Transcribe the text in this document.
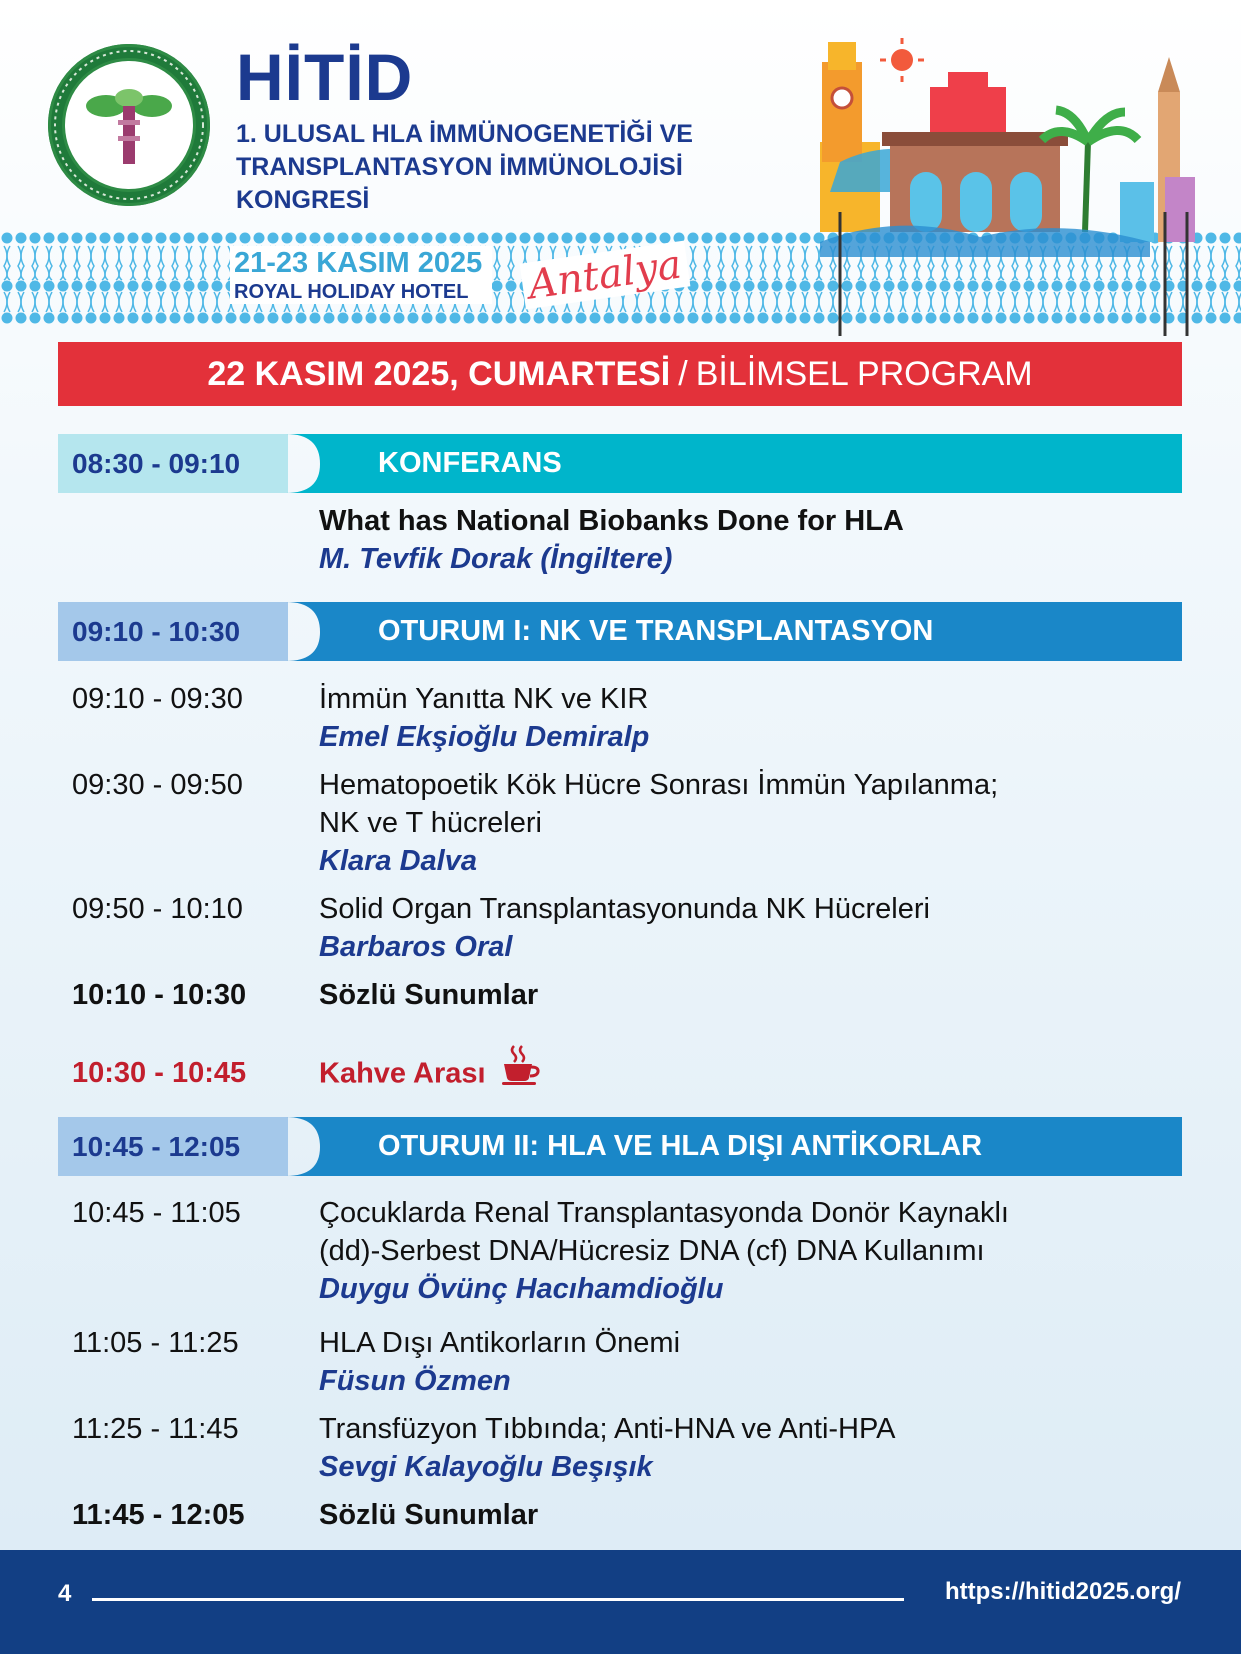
HİTİD
1. ULUSAL HLA İMMÜNOGENETİĞİ VE TRANSPLANTASYON İMMÜNOLOJİSİ KONGRESİ
21-23 KASIM 2025
ROYAL HOLIDAY HOTEL	Antalya
22 KASIM 2025, CUMARTESİ / BİLİMSEL PROGRAM
08:30 - 09:10	KONFERANS
What has National Biobanks Done for HLA
M. Tevfik Dorak (İngiltere)
09:10 - 10:30	OTURUM I: NK VE TRANSPLANTASYON
09:10 - 09:30	İmmün Yanıtta NK ve KIR
Emel Ekşioğlu Demiralp
09:30 - 09:50	Hematopoetik Kök Hücre Sonrası İmmün Yapılanma;
NK ve T hücreleri
Klara Dalva
09:50 - 10:10	Solid Organ Transplantasyonunda NK Hücreleri
Barbaros Oral
10:10 - 10:30	Sözlü Sunumlar
10:30 - 10:45	Kahve Arası
10:45 - 12:05	OTURUM II: HLA VE HLA DIŞI ANTİKORLAR
10:45 - 11:05	Çocuklarda Renal Transplantasyonda Donör Kaynaklı
(dd)-Serbest DNA/Hücresiz DNA (cf) DNA Kullanımı
Duygu Övünç Hacıhamdioğlu
11:05 - 11:25	HLA Dışı Antikorların Önemi
Füsun Özmen
11:25 - 11:45	Transfüzyon Tıbbında; Anti-HNA ve Anti-HPA
Sevgi Kalayoğlu Beşışık
11:45 - 12:05	Sözlü Sunumlar
4	https://hitid2025.org/
